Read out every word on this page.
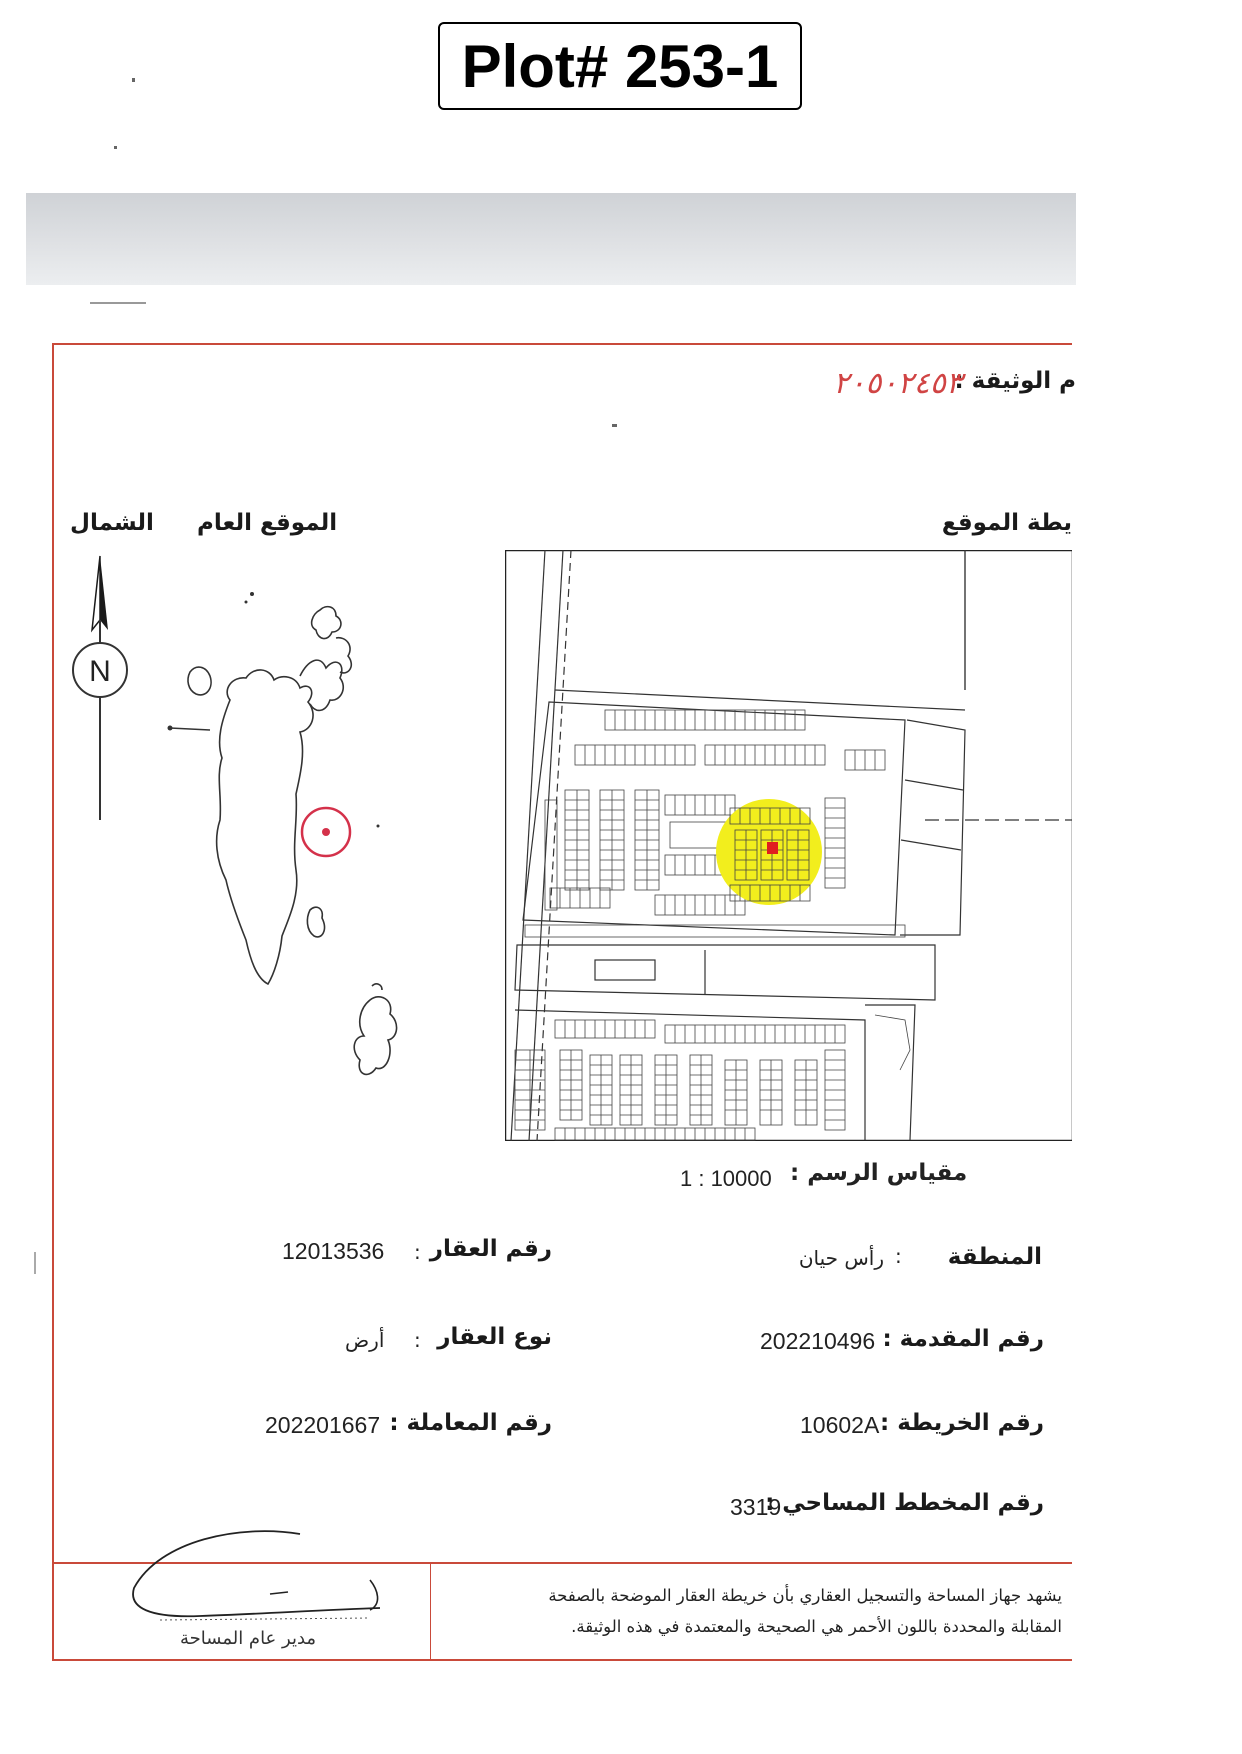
Plot# 253-1
م الوثيقة :
٢٠٥٠٢٤٥٣
يطة الموقع
الموقع العام
الشمال
N
مقياس الرسم :
1 : 10000
المنطقة
:
رأس حيان
رقم المقدمة :
202210496
رقم الخريطة :
10602A
رقم المخطط المساحي :
3319
رقم العقار
:
12013536
نوع العقار
:
أرض
رقم المعاملة :
202201667
مدير عام المساحة
يشهد جهاز المساحة والتسجيل العقاري بأن خريطة العقار الموضحة بالصفحة
المقابلة والمحددة باللون الأحمر هي الصحيحة والمعتمدة في هذه الوثيقة.
